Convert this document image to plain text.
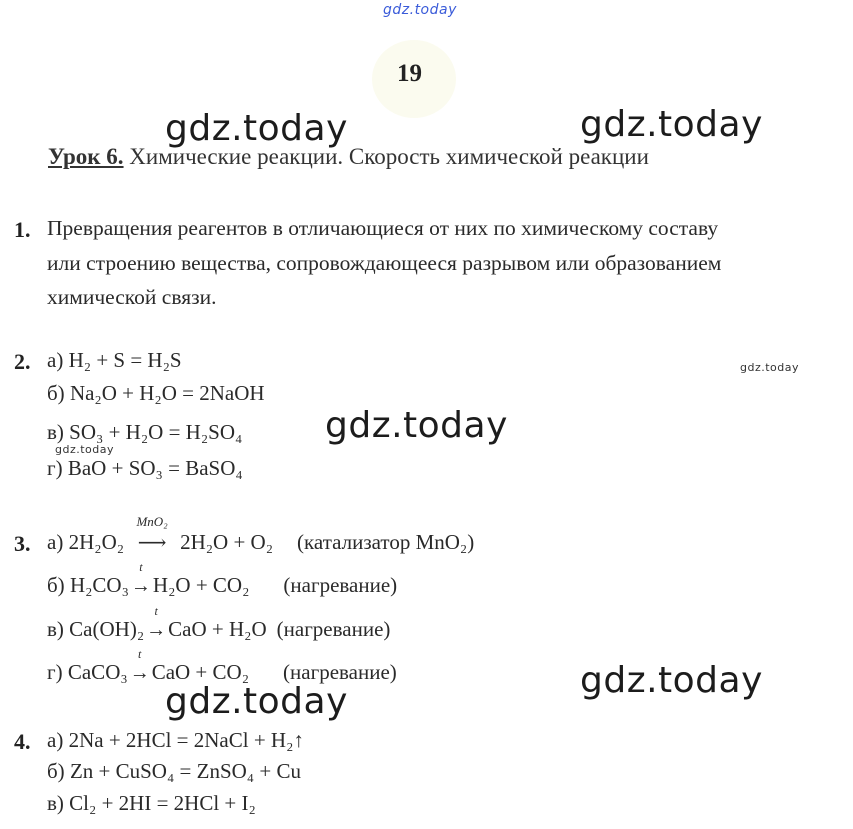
gdz.today
gdz.today	gdz.today
gdz.today
gdz.today
gdz.today
gdz.today
gdz.today
19
Урок 6. Химические реакции. Скорость химической реакции
1. Превращения реагентов в отличающиеся от них по химическому составу
или строению вещества, сопровождающееся разрывом или образованием
химической связи.
2. а) H₂ + S = H₂S
б) Na₂O + H₂O = 2NaOH
в) SO₃ + H₂O = H₂SO₄
г) BaO + SO₃ = BaSO₄
3. а) 2H₂O₂
MnO₂
⟶ 2H₂O + O₂ (катализатор MnO₂)
б) H₂CO₃
t
→H₂O + CO₂ (нагревание)
в) Ca(OH)₂
t
→CaO + H₂O (нагревание)
г) CaCO₃
t
→CaO + CO₂ (нагревание)
4. а) 2Na + 2HCl = 2NaCl + H₂↑
б) Zn + CuSO₄ = ZnSO₄ + Cu
в) Cl₂ + 2HI = 2HCl + I₂
